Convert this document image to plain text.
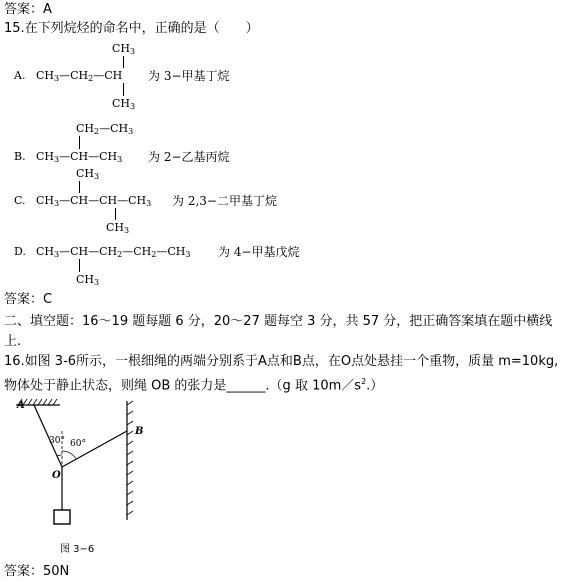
答案：A
15.在下列烷烃的命名中，正确的是（　　）
A.
$CH_3$
$CH_3—CH_2—CH$
$CH_3$
为 3−甲基丁烷
B.
$CH_2—CH_3$
$CH_3—CH—CH_3$ 为 2−乙基丙烷
C.
$CH_3$
$CH_3—CH—CH—CH_3$
$CH_3$
为 2,3−二甲基丁烷
D. $CH_3—CH—CH_2—CH_2—CH_3$
$CH_3$
为 4−甲基戊烷
答案：C
二、填空题：16～19 题每题 6 分，20～27 题每空 3 分，共 57 分，把正确答案填在题中横线
上.
16.如图 3-6所示，一根细绳的两端分别系于A点和B点，在O点处悬挂一个重物，质量 m=10kg,
物体处于静止状态，则绳 OB 的张力是______.（g 取 $10m/s^2$.）
A
B
O
30° 60°
图 3−6
答案：50N
